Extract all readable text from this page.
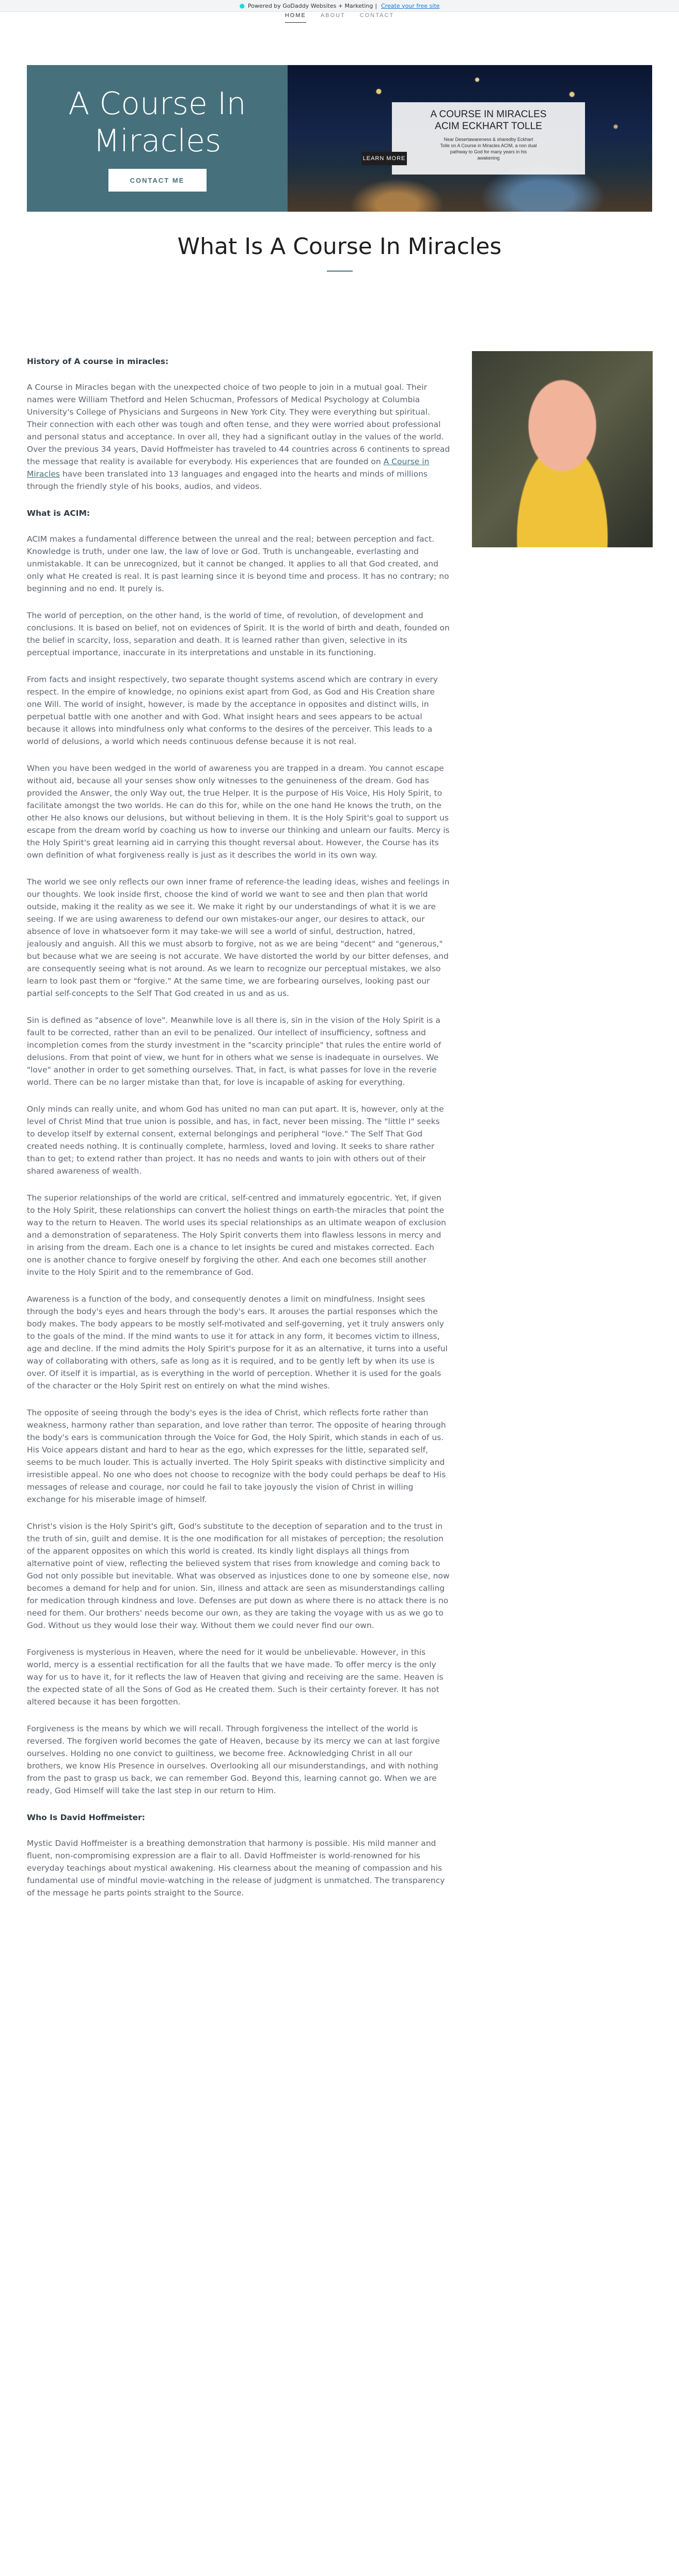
● Powered by GoDaddy Websites + Marketing | Create your free site
HOME	ABOUT	CONTACT
A Course In Miracles
CONTACT ME

A COURSE IN MIRACLES
ACIM ECKHART TOLLE

Near Desertawareness & sharedby Eckhart Tolle on A Course in Miracles ACIM, a non dual pathway to God for many years in his awakening

LEARN MORE
What Is A Course In Miracles
History of A course in miracles:

A Course in Miracles began with the unexpected choice of two people to join in a mutual goal. Their names were William Thetford and Helen Schucman, Professors of Medical Psychology at Columbia University's College of Physicians and Surgeons in New York City. They were everything but spiritual. Their connection with each other was tough and often tense, and they were worried about professional and personal status and acceptance. In over all, they had a significant outlay in the values of the world. Over the previous 34 years, David Hoffmeister has traveled to 44 countries across 6 continents to spread the message that reality is available for everybody. His experiences that are founded on A Course in Miracles have been translated into 13 languages and engaged into the hearts and minds of millions through the friendly style of his books, audios, and videos.

What is ACIM:

ACIM makes a fundamental difference between the unreal and the real; between perception and fact. Knowledge is truth, under one law, the law of love or God. Truth is unchangeable, everlasting and unmistakable. It can be unrecognized, but it cannot be changed. It applies to all that God created, and only what He created is real. It is past learning since it is beyond time and process. It has no contrary; no beginning and no end. It purely is.

The world of perception, on the other hand, is the world of time, of revolution, of development and conclusions. It is based on belief, not on evidences of Spirit. It is the world of birth and death, founded on the belief in scarcity, loss, separation and death. It is learned rather than given, selective in its perceptual importance, inaccurate in its interpretations and unstable in its functioning.

From facts and insight respectively, two separate thought systems ascend which are contrary in every respect. In the empire of knowledge, no opinions exist apart from God, as God and His Creation share one Will. The world of insight, however, is made by the acceptance in opposites and distinct wills, in perpetual battle with one another and with God. What insight hears and sees appears to be actual because it allows into mindfulness only what conforms to the desires of the perceiver. This leads to a world of delusions, a world which needs continuous defense because it is not real.

When you have been wedged in the world of awareness you are trapped in a dream. You cannot escape without aid, because all your senses show only witnesses to the genuineness of the dream. God has provided the Answer, the only Way out, the true Helper. It is the purpose of His Voice, His Holy Spirit, to facilitate amongst the two worlds. He can do this for, while on the one hand He knows the truth, on the other He also knows our delusions, but without believing in them. It is the Holy Spirit's goal to support us escape from the dream world by coaching us how to inverse our thinking and unlearn our faults. Mercy is the Holy Spirit's great learning aid in carrying this thought reversal about. However, the Course has its own definition of what forgiveness really is just as it describes the world in its own way.

The world we see only reflects our own inner frame of reference-the leading ideas, wishes and feelings in our thoughts. We look inside first, choose the kind of world we want to see and then plan that world outside, making it the reality as we see it. We make it right by our understandings of what it is we are seeing. If we are using awareness to defend our own mistakes-our anger, our desires to attack, our absence of love in whatsoever form it may take-we will see a world of sinful, destruction, hatred, jealously and anguish. All this we must absorb to forgive, not as we are being "decent" and "generous," but because what we are seeing is not accurate. We have distorted the world by our bitter defenses, and are consequently seeing what is not around. As we learn to recognize our perceptual mistakes, we also learn to look past them or "forgive." At the same time, we are forbearing ourselves, looking past our partial self-concepts to the Self That God created in us and as us.

Sin is defined as "absence of love". Meanwhile love is all there is, sin in the vision of the Holy Spirit is a fault to be corrected, rather than an evil to be penalized. Our intellect of insufficiency, softness and incompletion comes from the sturdy investment in the "scarcity principle" that rules the entire world of delusions. From that point of view, we hunt for in others what we sense is inadequate in ourselves. We "love" another in order to get something ourselves. That, in fact, is what passes for love in the reverie world. There can be no larger mistake than that, for love is incapable of asking for everything.

Only minds can really unite, and whom God has united no man can put apart. It is, however, only at the level of Christ Mind that true union is possible, and has, in fact, never been missing. The "little I" seeks to develop itself by external consent, external belongings and peripheral "love." The Self That God created needs nothing. It is continually complete, harmless, loved and loving. It seeks to share rather than to get; to extend rather than project. It has no needs and wants to join with others out of their shared awareness of wealth.

The superior relationships of the world are critical, self-centred and immaturely egocentric. Yet, if given to the Holy Spirit, these relationships can convert the holiest things on earth-the miracles that point the way to the return to Heaven. The world uses its special relationships as an ultimate weapon of exclusion and a demonstration of separateness. The Holy Spirit converts them into flawless lessons in mercy and in arising from the dream. Each one is a chance to let insights be cured and mistakes corrected. Each one is another chance to forgive oneself by forgiving the other. And each one becomes still another invite to the Holy Spirit and to the remembrance of God.

Awareness is a function of the body, and consequently denotes a limit on mindfulness. Insight sees through the body's eyes and hears through the body's ears. It arouses the partial responses which the body makes. The body appears to be mostly self-motivated and self-governing, yet it truly answers only to the goals of the mind. If the mind wants to use it for attack in any form, it becomes victim to illness, age and decline. If the mind admits the Holy Spirit's purpose for it as an alternative, it turns into a useful way of collaborating with others, safe as long as it is required, and to be gently left by when its use is over. Of itself it is impartial, as is everything in the world of perception. Whether it is used for the goals of the character or the Holy Spirit rest on entirely on what the mind wishes.

The opposite of seeing through the body's eyes is the idea of Christ, which reflects forte rather than weakness, harmony rather than separation, and love rather than terror. The opposite of hearing through the body's ears is communication through the Voice for God, the Holy Spirit, which stands in each of us. His Voice appears distant and hard to hear as the ego, which expresses for the little, separated self, seems to be much louder. This is actually inverted. The Holy Spirit speaks with distinctive simplicity and irresistible appeal. No one who does not choose to recognize with the body could perhaps be deaf to His messages of release and courage, nor could he fail to take joyously the vision of Christ in willing exchange for his miserable image of himself.

Christ's vision is the Holy Spirit's gift, God's substitute to the deception of separation and to the trust in the truth of sin, guilt and demise. It is the one modification for all mistakes of perception; the resolution of the apparent opposites on which this world is created. Its kindly light displays all things from alternative point of view, reflecting the believed system that rises from knowledge and coming back to God not only possible but inevitable. What was observed as injustices done to one by someone else, now becomes a demand for help and for union. Sin, illness and attack are seen as misunderstandings calling for medication through kindness and love. Defenses are put down as where there is no attack there is no need for them. Our brothers' needs become our own, as they are taking the voyage with us as we go to God. Without us they would lose their way. Without them we could never find our own.

Forgiveness is mysterious in Heaven, where the need for it would be unbelievable. However, in this world, mercy is a essential rectification for all the faults that we have made. To offer mercy is the only way for us to have it, for it reflects the law of Heaven that giving and receiving are the same. Heaven is the expected state of all the Sons of God as He created them. Such is their certainty forever. It has not altered because it has been forgotten.

Forgiveness is the means by which we will recall. Through forgiveness the intellect of the world is reversed. The forgiven world becomes the gate of Heaven, because by its mercy we can at last forgive ourselves. Holding no one convict to guiltiness, we become free. Acknowledging Christ in all our brothers, we know His Presence in ourselves. Overlooking all our misunderstandings, and with nothing from the past to grasp us back, we can remember God. Beyond this, learning cannot go. When we are ready, God Himself will take the last step in our return to Him.

Who Is David Hoffmeister:

Mystic David Hoffmeister is a breathing demonstration that harmony is possible. His mild manner and fluent, non-compromising expression are a flair to all. David Hoffmeister is world-renowned for his everyday teachings about mystical awakening. His clearness about the meaning of compassion and his fundamental use of mindful movie-watching in the release of judgment is unmatched. The transparency of the message he parts points straight to the Source.
